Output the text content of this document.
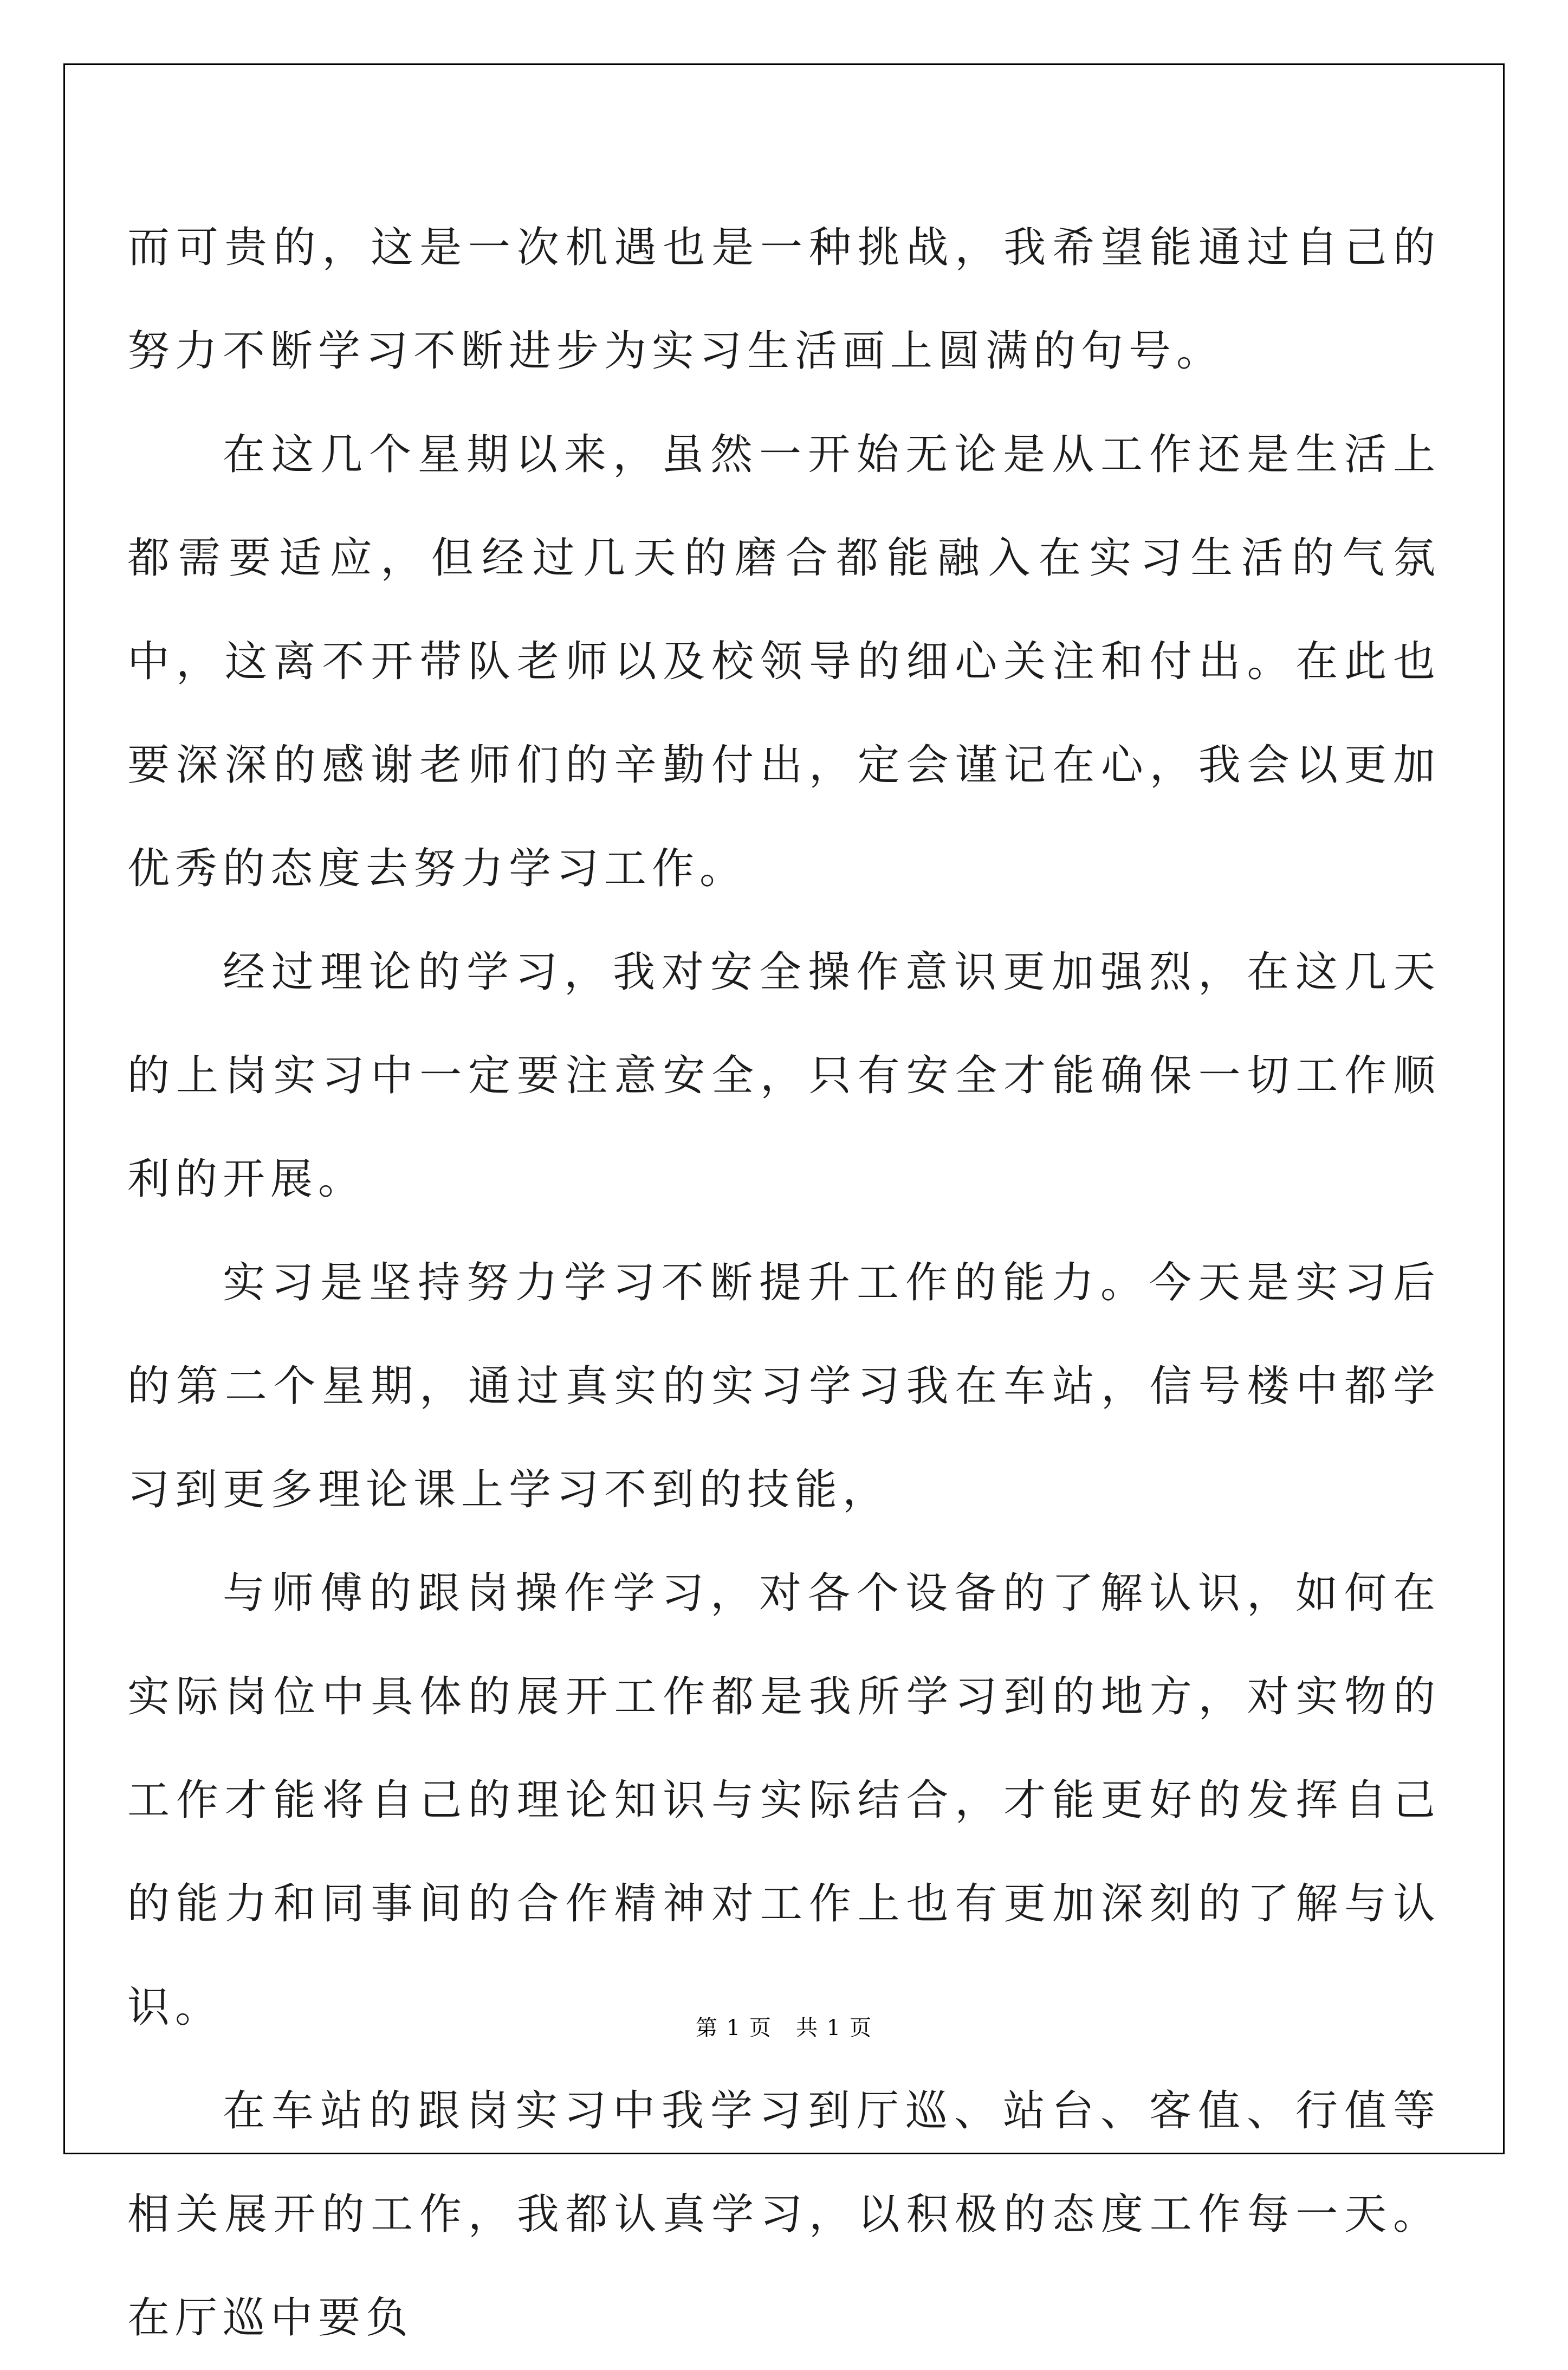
而可贵的，这是一次机遇也是一种挑战，我希望能通过自己的努力不断学习不断进步为实习生活画上圆满的句号。

在这几个星期以来，虽然一开始无论是从工作还是生活上都需要适应，但经过几天的磨合都能融入在实习生活的气氛中，这离不开带队老师以及校领导的细心关注和付出。在此也要深深的感谢老师们的辛勤付出，定会谨记在心，我会以更加优秀的态度去努力学习工作。

经过理论的学习，我对安全操作意识更加强烈，在这几天的上岗实习中一定要注意安全，只有安全才能确保一切工作顺利的开展。

实习是坚持努力学习不断提升工作的能力。今天是实习后的第二个星期，通过真实的实习学习我在车站，信号楼中都学习到更多理论课上学习不到的技能，

与师傅的跟岗操作学习，对各个设备的了解认识，如何在实际岗位中具体的展开工作都是我所学习到的地方，对实物的工作才能将自己的理论知识与实际结合，才能更好的发挥自己的能力和同事间的合作精神对工作上也有更加深刻的了解与认识。

在车站的跟岗实习中我学习到厅巡、站台、客值、行值等相关展开的工作，我都认真学习，以积极的态度工作每一天。在厅巡中要负

第 1 页 共 1 页
